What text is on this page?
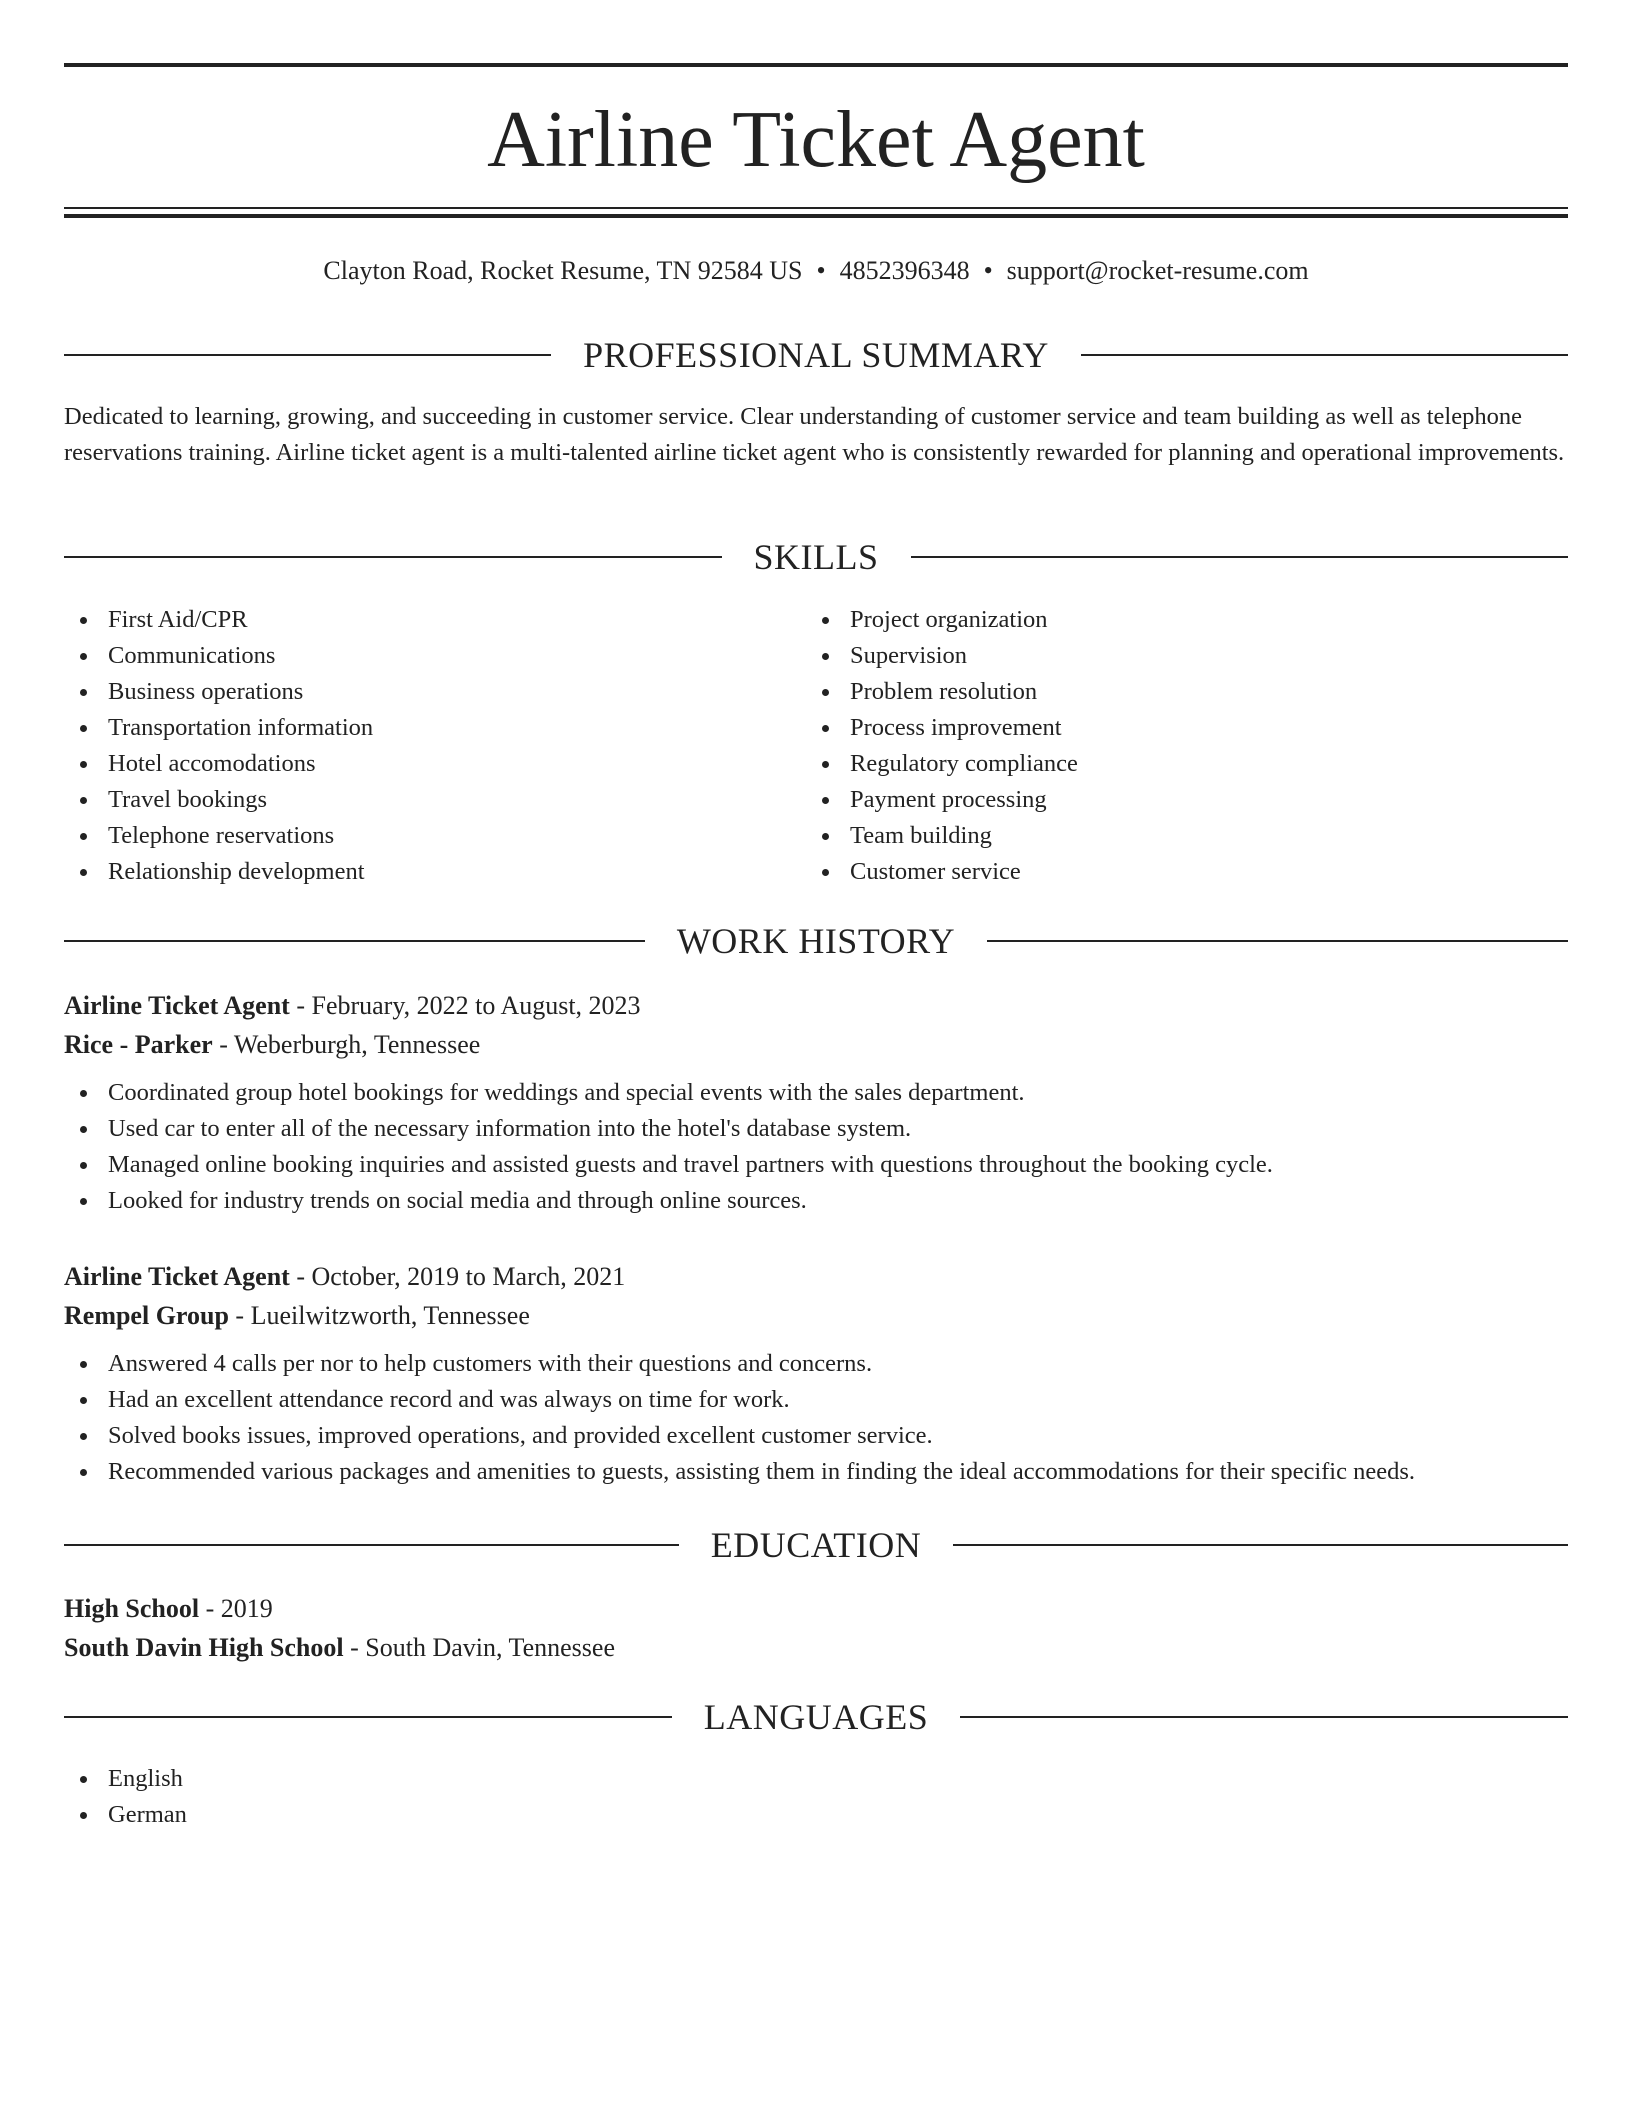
Airline Ticket Agent
Clayton Road, Rocket Resume, TN 92584 US • 4852396348 • support@rocket-resume.com
PROFESSIONAL SUMMARY

Dedicated to learning, growing, and succeeding in customer service. Clear understanding of customer service and team building as well as telephone reservations training. Airline ticket agent is a multi-talented airline ticket agent who is consistently rewarded for planning and operational improvements.

SKILLS
First Aid/CPR
Communications
Business operations
Transportation information
Hotel accomodations
Travel bookings
Telephone reservations
Relationship development
Project organization
Supervision
Problem resolution
Process improvement
Regulatory compliance
Payment processing
Team building
Customer service
WORK HISTORY
Airline Ticket Agent - February, 2022 to August, 2023
Rice - Parker - Weberburgh, Tennessee
Coordinated group hotel bookings for weddings and special events with the sales department.
Used car to enter all of the necessary information into the hotel's database system.
Managed online booking inquiries and assisted guests and travel partners with questions throughout the booking cycle.
Looked for industry trends on social media and through online sources.
Airline Ticket Agent - October, 2019 to March, 2021
Rempel Group - Lueilwitzworth, Tennessee
Answered 4 calls per nor to help customers with their questions and concerns.
Had an excellent attendance record and was always on time for work.
Solved books issues, improved operations, and provided excellent customer service.
Recommended various packages and amenities to guests, assisting them in finding the ideal accommodations for their specific needs.
EDUCATION
High School - 2019
South Davin High School - South Davin, Tennessee
LANGUAGES
English
German
